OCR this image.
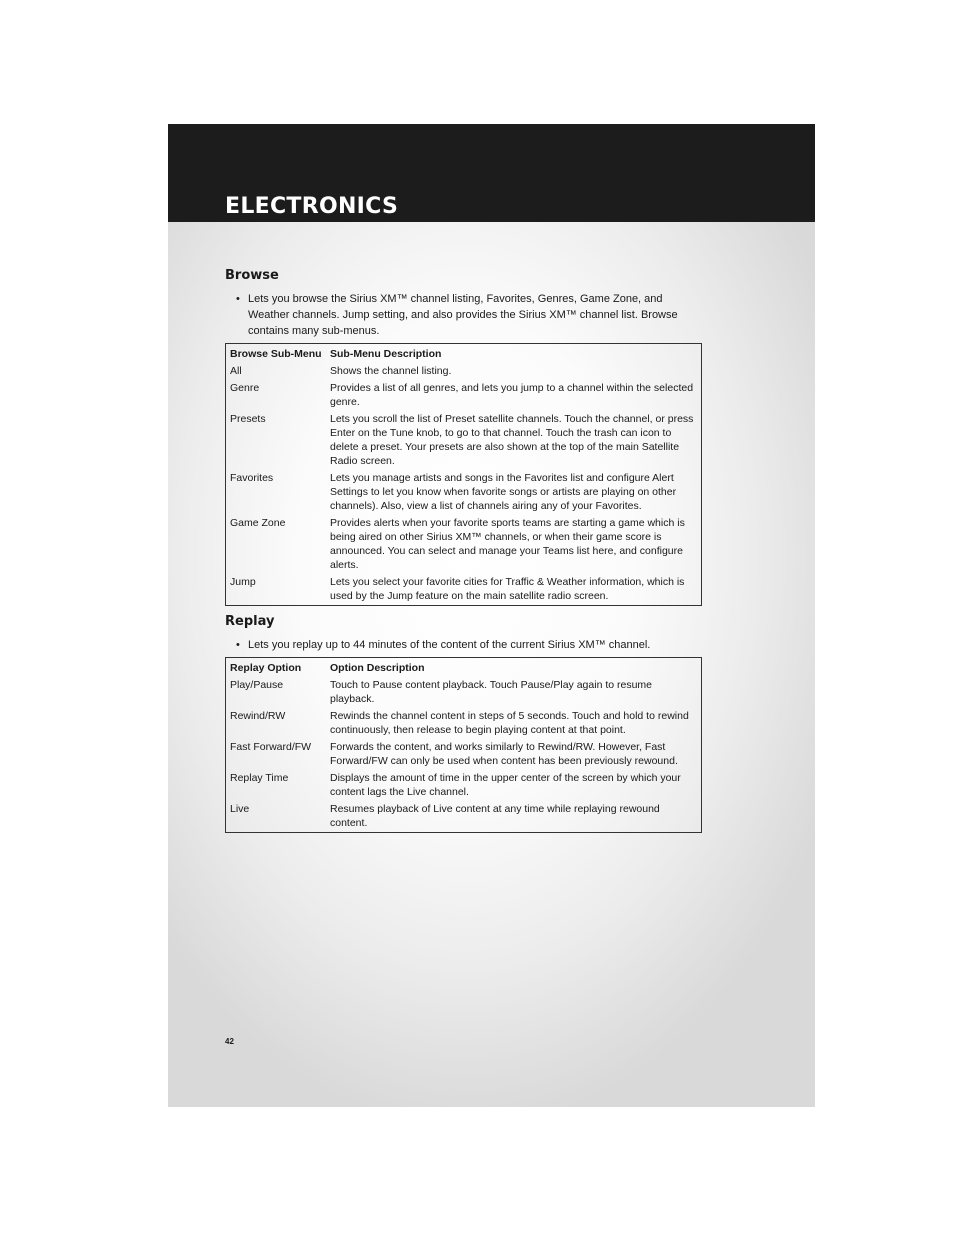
ELECTRONICS
Browse
• Lets you browse the Sirius XM™ channel listing, Favorites, Genres, Game Zone, and Weather channels. Jump setting, and also provides the Sirius XM™ channel list. Browse contains many sub-menus.
Browse Sub-Menu	Sub-Menu Description
All	Shows the channel listing.
Genre	Provides a list of all genres, and lets you jump to a channel within the selected genre.
Presets	Lets you scroll the list of Preset satellite channels. Touch the channel, or press Enter on the Tune knob, to go to that channel. Touch the trash can icon to delete a preset. Your presets are also shown at the top of the main Satellite Radio screen.
Favorites	Lets you manage artists and songs in the Favorites list and configure Alert Settings to let you know when favorite songs or artists are playing on other channels). Also, view a list of channels airing any of your Favorites.
Game Zone	Provides alerts when your favorite sports teams are starting a game which is being aired on other Sirius XM™ channels, or when their game score is announced. You can select and manage your Teams list here, and configure alerts.
Jump	Lets you select your favorite cities for Traffic & Weather information, which is used by the Jump feature on the main satellite radio screen.
Replay
• Lets you replay up to 44 minutes of the content of the current Sirius XM™ channel.
Replay Option	Option Description
Play/Pause	Touch to Pause content playback. Touch Pause/Play again to resume playback.
Rewind/RW	Rewinds the channel content in steps of 5 seconds. Touch and hold to rewind continuously, then release to begin playing content at that point.
Fast Forward/FW	Forwards the content, and works similarly to Rewind/RW. However, Fast Forward/FW can only be used when content has been previously rewound.
Replay Time	Displays the amount of time in the upper center of the screen by which your content lags the Live channel.
Live	Resumes playback of Live content at any time while replaying rewound content.
42
